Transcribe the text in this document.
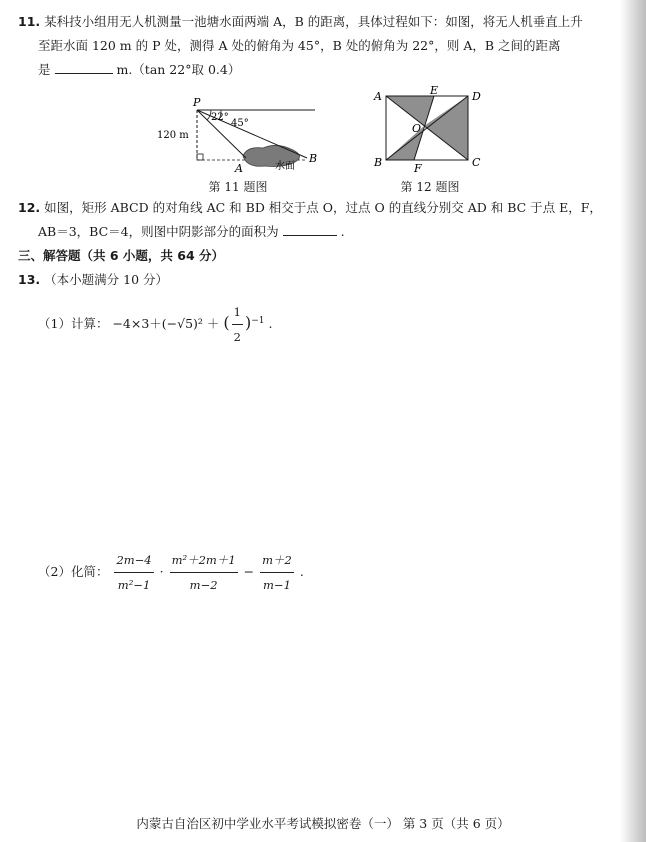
11. 某科技小组用无人机测量一池塘水面两端 A，B 的距离，具体过程如下：如图，将无人机垂直上升
至距水面 120 m 的 P 处，测得 A 处的俯角为 45°，B 处的俯角为 22°，则 A，B 之间的距离
是	m.（tan 22°取 0.4）
P
22°
45°
120 m
A
B
水面
第 11 题图
A	E	D
O
B	F	C
第 12 题图
12. 如图，矩形 ABCD 的对角线 AC 和 BD 相交于点 O，过点 O 的直线分别交 AD 和 BC 于点 E，F，
AB＝3，BC＝4，则图中阴影部分的面积为	.
三、解答题（共 6 小题，共 64 分）
13. （本小题满分 10 分）
（1）计算： −4×3＋(−√5)² ＋ ( $\frac{1}{2} )^{-1}$ .
（2）化简： $\frac{2m-4}{\text{m²−1}} \cdot \frac{\text{m²＋2m＋1}}{m-2} - \frac{m+2}{m-1}$ .
内蒙古自治区初中学业水平考试模拟密卷（一） 第 3 页（共 6 页）
